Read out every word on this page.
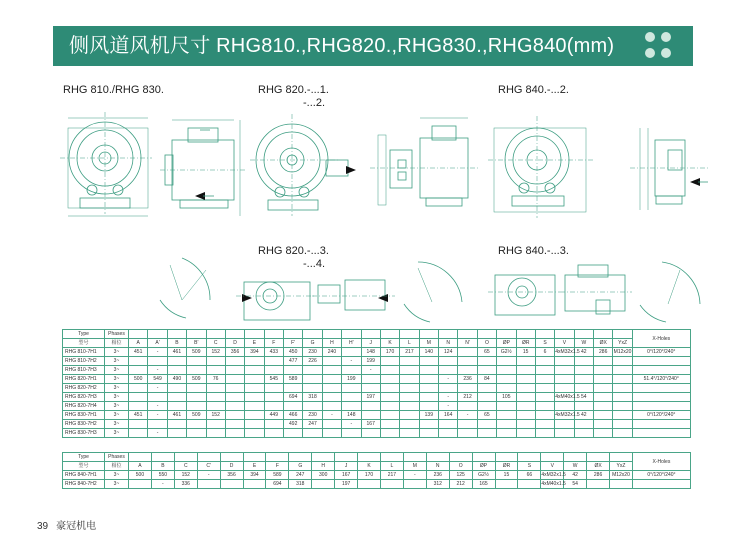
侧风道风机尺寸 RHG810.,RHG820.,RHG830.,RHG840(mm)
RHG 810./RHG 830.	RHG 820.-...1.
-...2.
RHG 840.-...2.
RHG 820.-...3.
-...4.
RHG 840.-...3.
Type	Phases																											X-Holes
型号	相位	A	A'	B	B'	C	D	E	F	F'	G	H	H'	J	K	L	M	N	N'	O	ØP	ØR	S	V	W	ØX	YxZ	
RHG 810-7H1	3~	451	-	461	509	152	356	394	433	450	230	240		148	170	217	140	124		65	G2½	15	6	4xM32x1.5	42	286	M12x20	0°/120°/240°
RHG 810-7H2	3~									477	226		-	199														
RHG 810-7H3	3~		-											-														
RHG 820-7H1	3~	500	549	490	509	76			545	589			199					-	236	84								51.4°/120°/240°
RHG 820-7H2	3~		-																									
RHG 820-7H3	3~									694	318			197				-	212		105			4xM40x1.5	54			
RHG 820-7H4	3~		-															-										
RHG 830-7H1	3~	451	-	461	509	152			449	466	230	-	148				139	164	-	65				4xM32x1.5	42			0°/120°/240°
RHG 830-7H2	3~									492	247		-	167														
RHG 830-7H3	3~		-																									
Type	Phases																							X-Holes
型号	相位	A	B	C	C'	D	E	F	G	H	J	K	L	M	N	O	ØP	ØR	S	V	W	ØX	YxZ	
RHG 840-7H1	3~	500	550	152	-	356	394	589	247	300	167	170	217	-	236	125	G2½	15	66	4xM32x1.5	42	286	M12x20	0°/120°/240°
RHG 840-7H2	3~		-	336				694	318		197				312	212	165			4xM40x1.5	54			
39 豪冠机电
